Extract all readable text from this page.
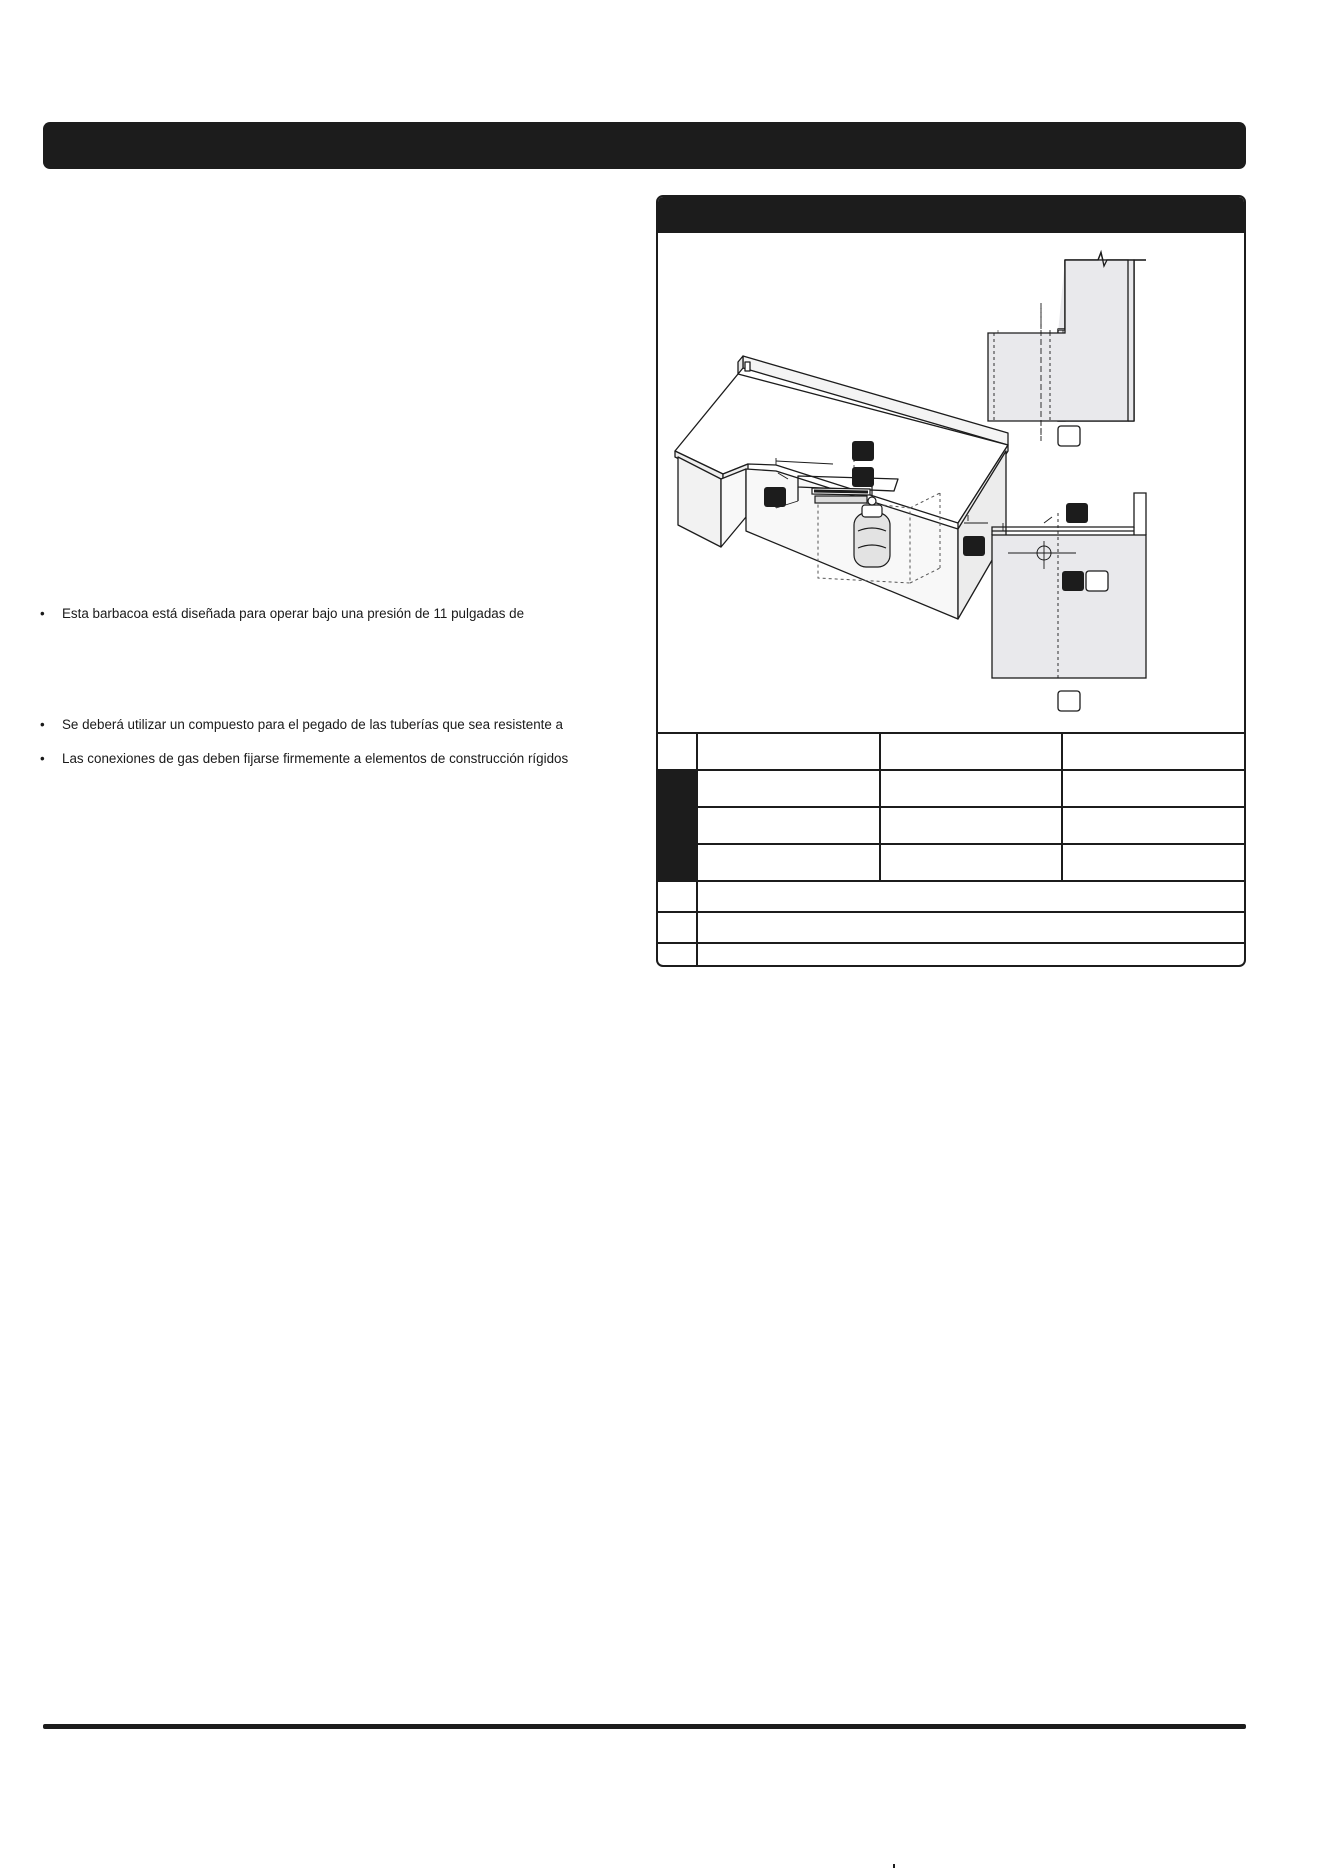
• Esta barbacoa está diseñada para operar bajo una presión de 11 pulgadas de
• Se deberá utilizar un compuesto para el pegado de las tuberías que sea resistente a
• Las conexiones de gas deben fijarse firmemente a elementos de construcción rígidos
